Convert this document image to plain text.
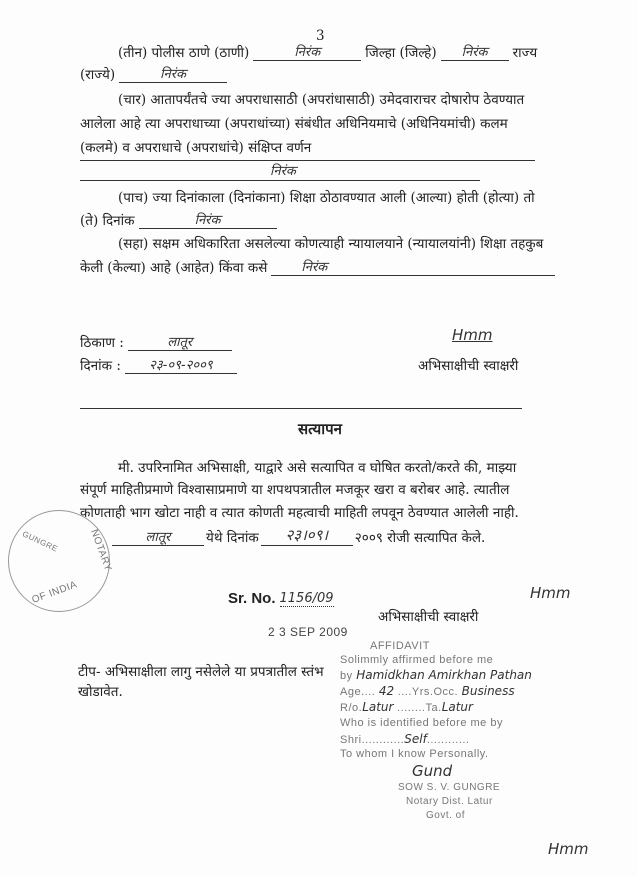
3
(तीन) पोलीस ठाणे (ठाणी)	निरंक	जिल्हा (जिल्हे)	निरंक	राज्य
(राज्ये)	निरंक
(चार) आतापर्यंतचे ज्या अपराधासाठी (अपरांधासाठी) उमेदवाराचर दोषारोप ठेवण्यात
आलेला आहे त्या अपराधाच्या (अपराधांच्या) संबंधीत अधिनियमाचे (अधिनियमांची) कलम
(कलमे) व अपराधाचे (अपराधांचे) संक्षिप्त वर्णन
निरंक
(पाच) ज्या दिनांकाला (दिनांकाना) शिक्षा ठोठावण्यात आली (आल्या) होती (होत्या) तो
(ते) दिनांक	निरंक
(सहा) सक्षम अधिकारिता असलेल्या कोणत्याही न्यायालयाने (न्यायालयांनी) शिक्षा तहकुब
केली (केल्या) आहे (आहेत) किंवा कसे	निरंक
ठिकाण :	लातूर
दिनांक :	२३-०९-२००९
Hmm
अभिसाक्षीची स्वाक्षरी
सत्यापन
मी. उपरिनामित अभिसाक्षी, याद्वारे असे सत्यापित व घोषित करतो/करते की, माझ्या
संपूर्ण माहितीप्रमाणे विश्वासाप्रमाणे या शपथपत्रातील मजकूर खरा व बरोबर आहे. त्यातील
कोणताही भाग खोटा नाही व त्यात कोणती महत्वाची माहिती लपवून ठेवण्यात आलेली नाही.
लातूर	येथे दिनांक	२३।०९।	२००९ रोजी सत्यापित केले.
NOTARY
OF INDIA
GUNGRE
Sr. No. 1156/09	Hmm
अभिसाक्षीची स्वाक्षरी
2 3 SEP 2009
टीप- अभिसाक्षीला लागु नसेलेले या प्रपत्रातील स्तंभ खोडावेत.
AFFIDAVIT
Solimmly affirmed before me
by Hamidkhan Amirkhan Pathan
Age.... 42 ....Yrs.Occ. Business
R/o.Latur ........Ta.Latur
Who is identified before me by
Shri............Self............
To whom I know Personally.
Gund
SOW S. V. GUNGRE
Notary Dist. Latur
Govt. of
Hmm
